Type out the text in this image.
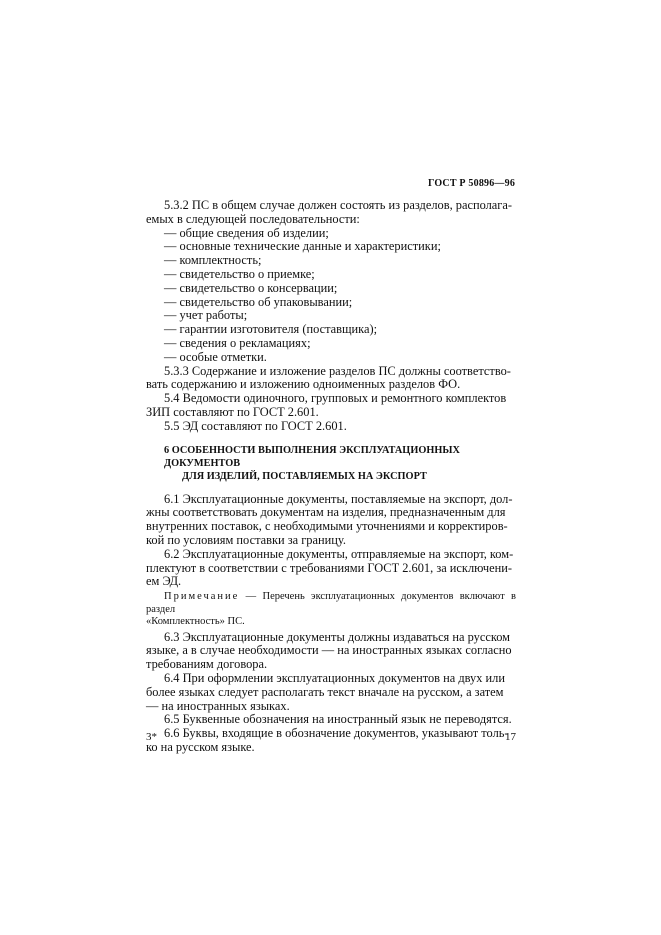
ГОСТ Р 50896—96

5.3.2 ПС в общем случае должен состоять из разделов, располага-
емых в следующей последовательности:

— общие сведения об изделии;
— основные технические данные и характеристики;
— комплектность;
— свидетельство о приемке;
— свидетельство о консервации;
— свидетельство об упаковывании;
— учет работы;
— гарантии изготовителя (поставщика);
— сведения о рекламациях;
— особые отметки.

5.3.3 Содержание и изложение разделов ПС должны соответство-
вать содержанию и изложению одноименных разделов ФО.

5.4 Ведомости одиночного, групповых и ремонтного комплектов
ЗИП составляют по ГОСТ 2.601.

5.5 ЭД составляют по ГОСТ 2.601.

6 ОСОБЕННОСТИ ВЫПОЛНЕНИЯ ЭКСПЛУАТАЦИОННЫХ ДОКУМЕНТОВ
ДЛЯ ИЗДЕЛИЙ, ПОСТАВЛЯЕМЫХ НА ЭКСПОРТ

6.1 Эксплуатационные документы, поставляемые на экспорт, дол-
жны соответствовать документам на изделия, предназначенным для
внутренних поставок, с необходимыми уточнениями и корректиров-
кой по условиям поставки за границу.

6.2 Эксплуатационные документы, отправляемые на экспорт, ком-
плектуют в соответствии с требованиями ГОСТ 2.601, за исключени-
ем ЭД.

Примечание — Перечень эксплуатационных документов включают в раздел
«Комплектность» ПС.

6.3 Эксплуатационные документы должны издаваться на русском
языке, а в случае необходимости — на иностранных языках согласно
требованиям договора.

6.4 При оформлении эксплуатационных документов на двух или
более языках следует располагать текст вначале на русском, а затем
— на иностранных языках.

6.5 Буквенные обозначения на иностранный язык не переводятся.

6.6 Буквы, входящие в обозначение документов, указывают толь-
ко на русском языке.

3*	17
